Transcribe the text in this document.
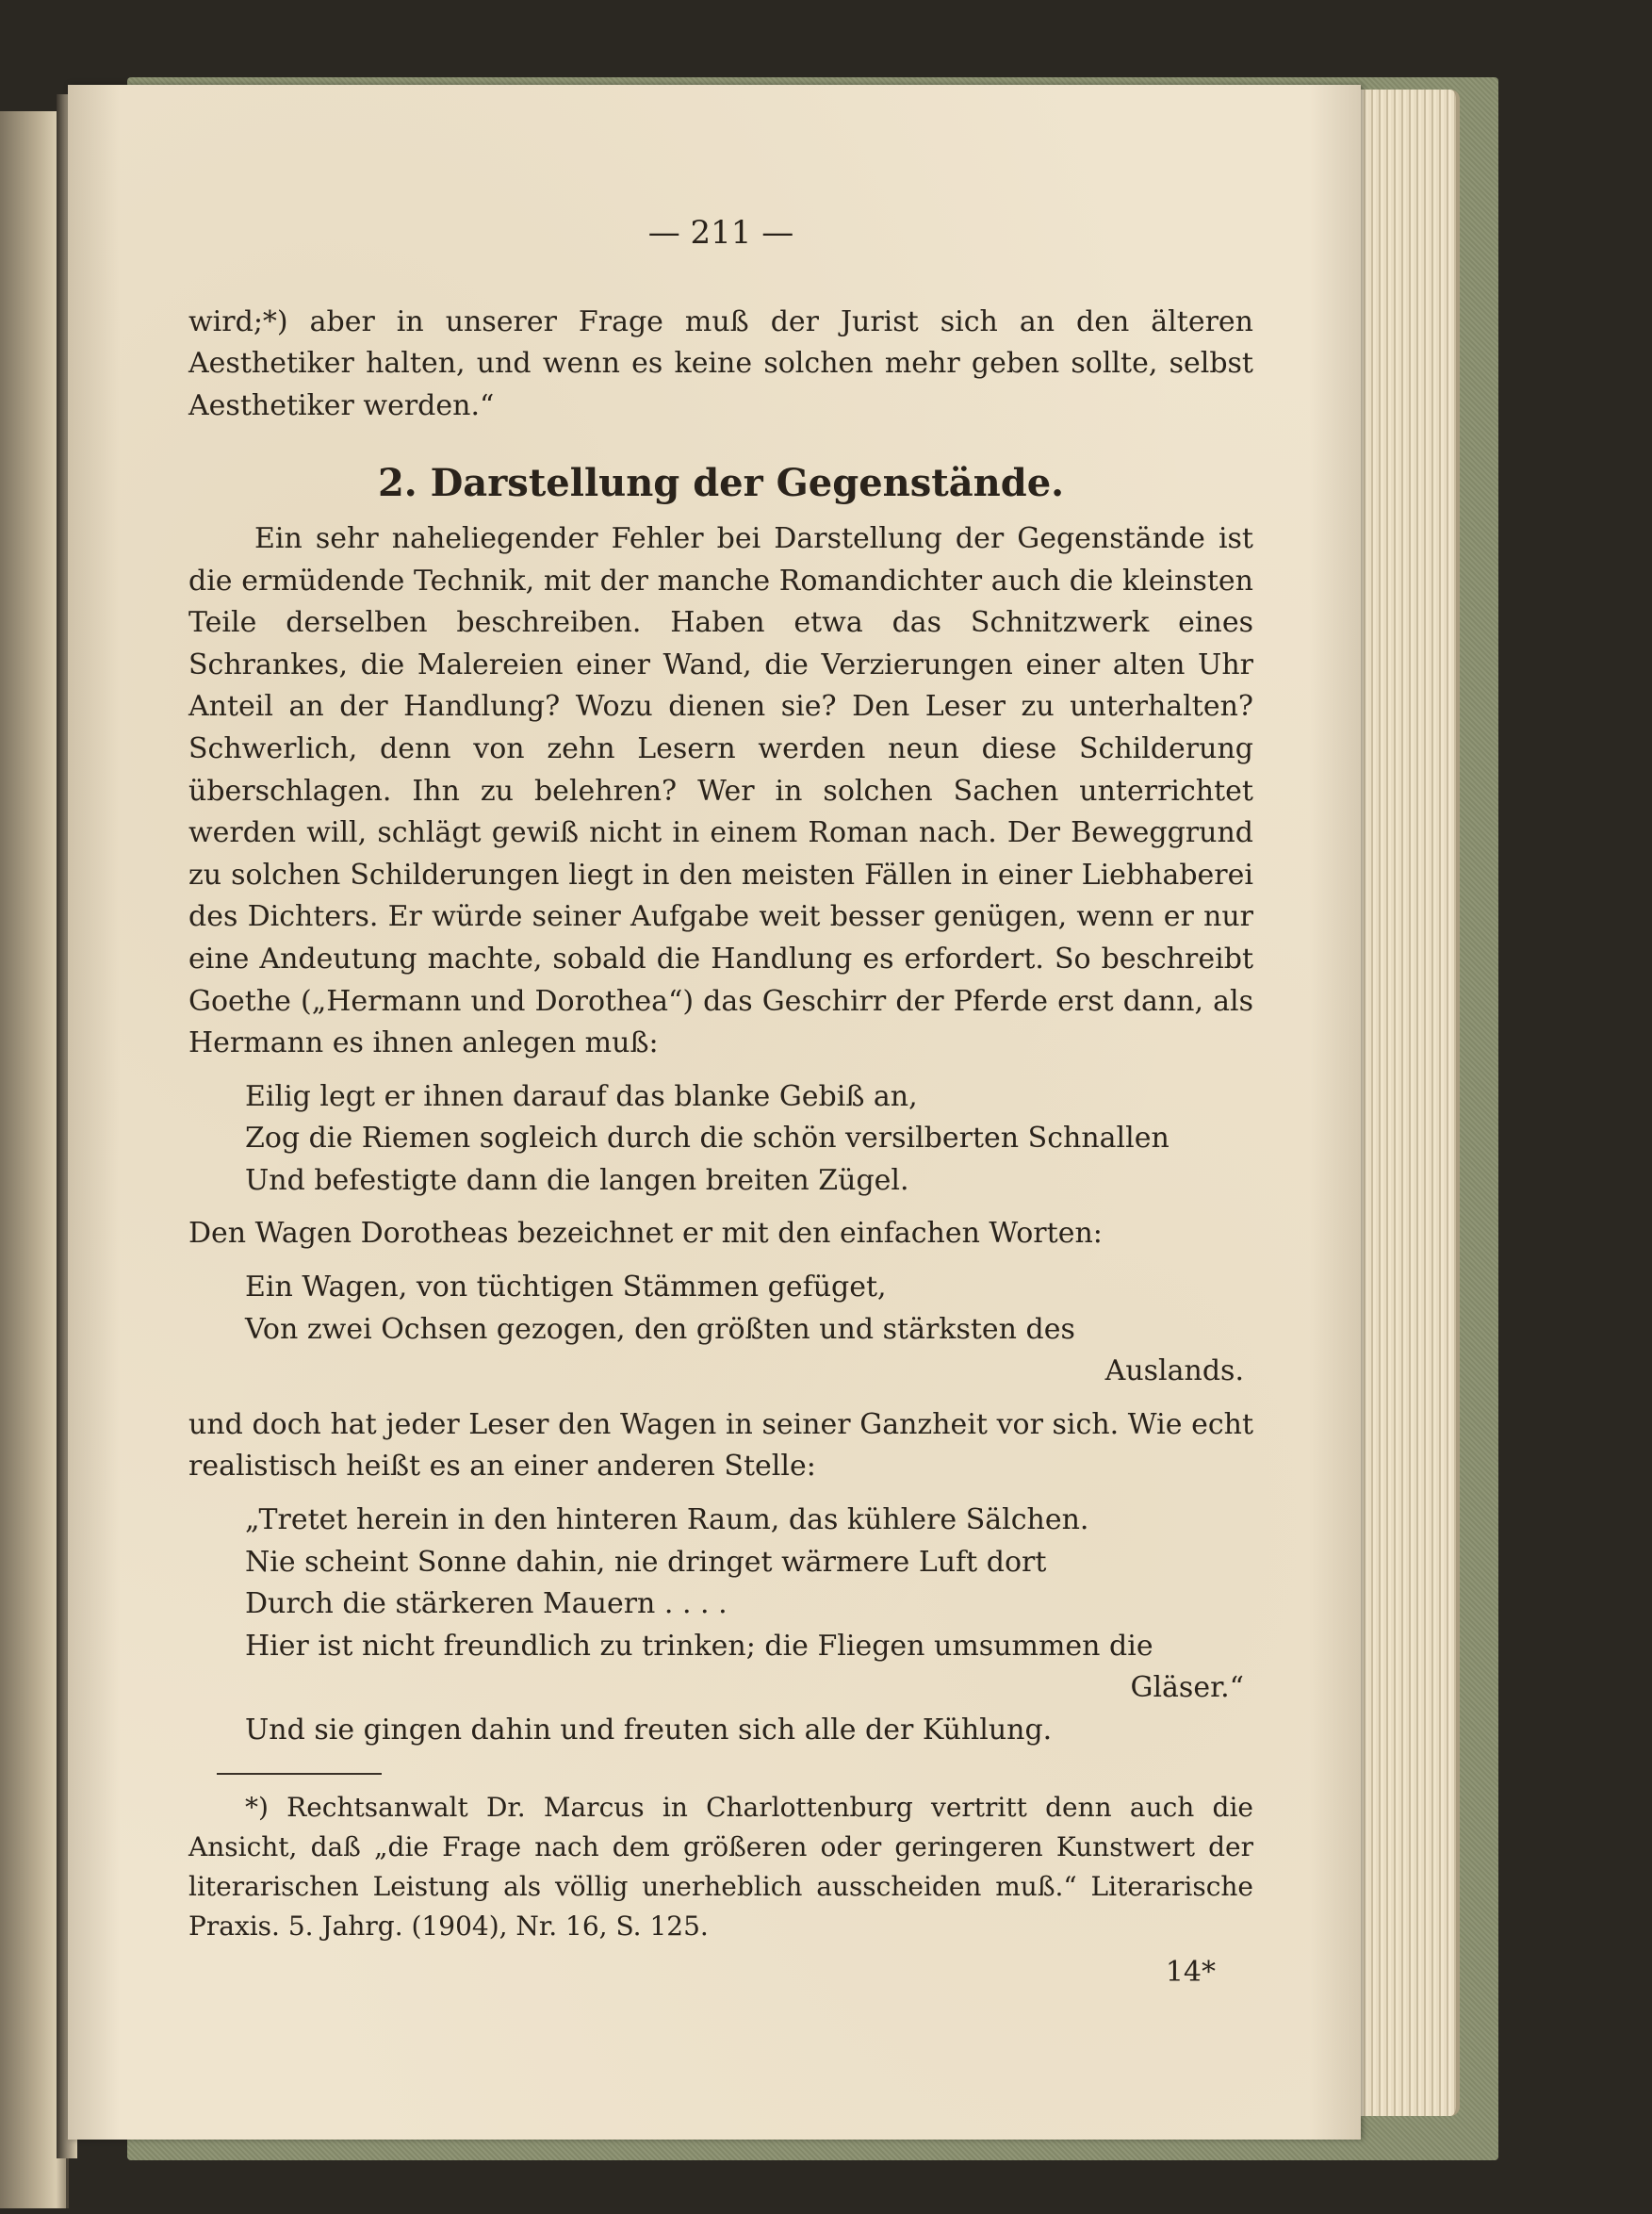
— 211 —

wird;*) aber in unserer Frage muß der Jurist sich an den älteren Aesthetiker halten, und wenn es keine solchen mehr geben sollte, selbst Aesthetiker werden.“

2. Darstellung der Gegenstände.

Ein sehr naheliegender Fehler bei Darstellung der Gegenstände ist die ermüdende Technik, mit der manche Romandichter auch die kleinsten Teile derselben beschreiben. Haben etwa das Schnitzwerk eines Schrankes, die Malereien einer Wand, die Verzierungen einer alten Uhr Anteil an der Handlung? Wozu dienen sie? Den Leser zu unterhalten? Schwerlich, denn von zehn Lesern werden neun diese Schilderung überschlagen. Ihn zu belehren? Wer in solchen Sachen unterrichtet werden will, schlägt gewiß nicht in einem Roman nach. Der Beweggrund zu solchen Schilderungen liegt in den meisten Fällen in einer Liebhaberei des Dichters. Er würde seiner Aufgabe weit besser genügen, wenn er nur eine Andeutung machte, sobald die Handlung es erfordert. So beschreibt Goethe („Hermann und Dorothea“) das Geschirr der Pferde erst dann, als Hermann es ihnen anlegen muß:

Eilig legt er ihnen darauf das blanke Gebiß an,
Zog die Riemen sogleich durch die schön versilberten Schnallen
Und befestigte dann die langen breiten Zügel.

Den Wagen Dorotheas bezeichnet er mit den einfachen Worten:

Ein Wagen, von tüchtigen Stämmen gefüget,
Von zwei Ochsen gezogen, den größten und stärksten des
Auslands.

und doch hat jeder Leser den Wagen in seiner Ganzheit vor sich. Wie echt realistisch heißt es an einer anderen Stelle:

„Tretet herein in den hinteren Raum, das kühlere Sälchen.
Nie scheint Sonne dahin, nie dringet wärmere Luft dort
Durch die stärkeren Mauern . . . .
Hier ist nicht freundlich zu trinken; die Fliegen umsummen die
Gläser.“
Und sie gingen dahin und freuten sich alle der Kühlung.

*) Rechtsanwalt Dr. Marcus in Charlottenburg vertritt denn auch die Ansicht, daß „die Frage nach dem größeren oder geringeren Kunstwert der literarischen Leistung als völlig unerheblich ausscheiden muß.“ Literarische Praxis. 5. Jahrg. (1904), Nr. 16, S. 125.

14*
